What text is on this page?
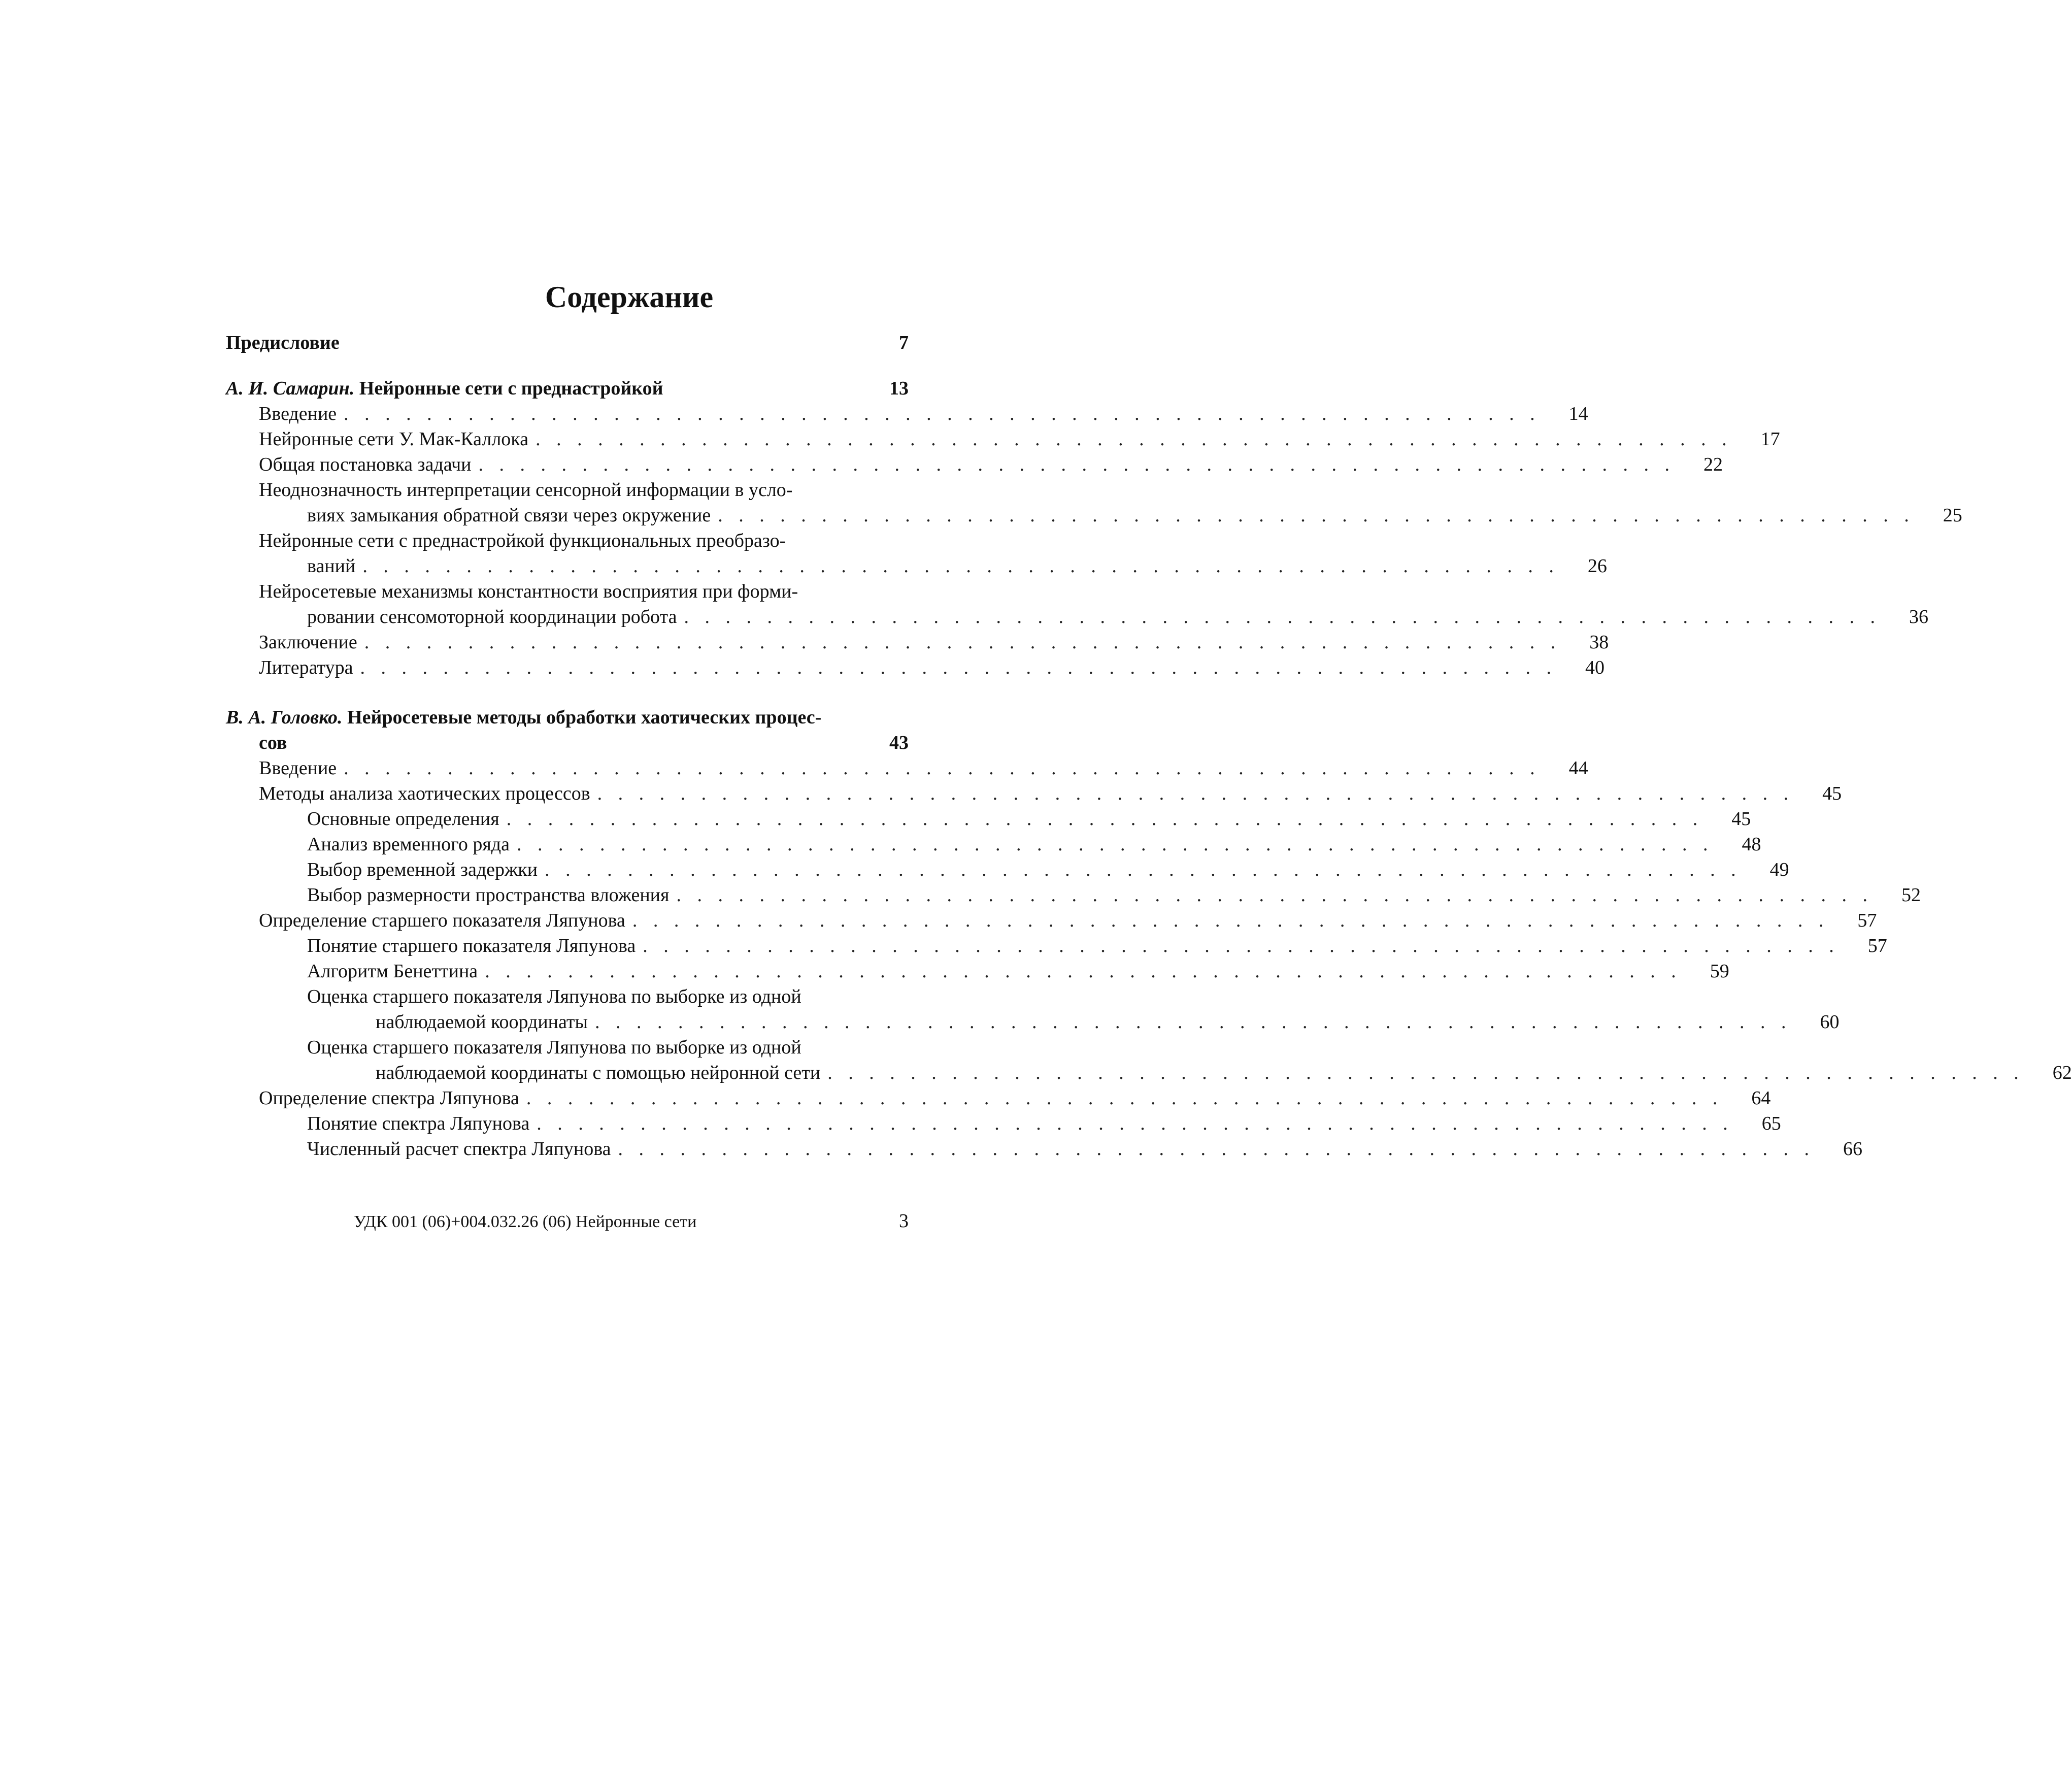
Содержание
Предисловие	7
А. И. Самарин. Нейронные сети с преднастройкой	13
Введение . . . . . . . . . . . . . . . . . . . . . . . . . . . . . . . . . . . . . . . . . . . . . . . . . . . . . . . . . .	14
Нейронные сети У. Мак-Каллока . . . . . . . . . . . . . . . . . . . . . . . . . . . . . . . . . . . . . . . . . . . . . . . . . . . . . . . . . .	17
Общая постановка задачи . . . . . . . . . . . . . . . . . . . . . . . . . . . . . . . . . . . . . . . . . . . . . . . . . . . . . . . . . .	22
Неоднозначность интерпретации сенсорной информации в усло-
виях замыкания обратной связи через окружение . . . . . . . . . . . . . . . . . . . . . . . . . . . . . . . . . . . . . . . . . . . . . . . . . . . . . . . . . .	25
Нейронные сети с преднастройкой функциональных преобразо-
ваний . . . . . . . . . . . . . . . . . . . . . . . . . . . . . . . . . . . . . . . . . . . . . . . . . . . . . . . . . .	26
Нейросетевые механизмы константности восприятия при форми-
ровании сенсомоторной координации робота . . . . . . . . . . . . . . . . . . . . . . . . . . . . . . . . . . . . . . . . . . . . . . . . . . . . . . . . . .	36
Заключение . . . . . . . . . . . . . . . . . . . . . . . . . . . . . . . . . . . . . . . . . . . . . . . . . . . . . . . . . .	38
Литература . . . . . . . . . . . . . . . . . . . . . . . . . . . . . . . . . . . . . . . . . . . . . . . . . . . . . . . . . .	40
В. А. Головко. Нейросетевые методы обработки хаотических процес-
сов	43
Введение . . . . . . . . . . . . . . . . . . . . . . . . . . . . . . . . . . . . . . . . . . . . . . . . . . . . . . . . . .	44
Методы анализа хаотических процессов . . . . . . . . . . . . . . . . . . . . . . . . . . . . . . . . . . . . . . . . . . . . . . . . . . . . . . . . . .	45
Основные определения . . . . . . . . . . . . . . . . . . . . . . . . . . . . . . . . . . . . . . . . . . . . . . . . . . . . . . . . . .	45
Анализ временного ряда . . . . . . . . . . . . . . . . . . . . . . . . . . . . . . . . . . . . . . . . . . . . . . . . . . . . . . . . . .	48
Выбор временной задержки . . . . . . . . . . . . . . . . . . . . . . . . . . . . . . . . . . . . . . . . . . . . . . . . . . . . . . . . . .	49
Выбор размерности пространства вложения . . . . . . . . . . . . . . . . . . . . . . . . . . . . . . . . . . . . . . . . . . . . . . . . . . . . . . . . . .	52
Определение старшего показателя Ляпунова . . . . . . . . . . . . . . . . . . . . . . . . . . . . . . . . . . . . . . . . . . . . . . . . . . . . . . . . . .	57
Понятие старшего показателя Ляпунова . . . . . . . . . . . . . . . . . . . . . . . . . . . . . . . . . . . . . . . . . . . . . . . . . . . . . . . . . .	57
Алгоритм Бенеттина . . . . . . . . . . . . . . . . . . . . . . . . . . . . . . . . . . . . . . . . . . . . . . . . . . . . . . . . . .	59
Оценка старшего показателя Ляпунова по выборке из одной
наблюдаемой координаты . . . . . . . . . . . . . . . . . . . . . . . . . . . . . . . . . . . . . . . . . . . . . . . . . . . . . . . . . .	60
Оценка старшего показателя Ляпунова по выборке из одной
наблюдаемой координаты с помощью нейронной сети . . . . . . . . . . . . . . . . . . . . . . . . . . . . . . . . . . . . . . . . . . . . . . . . . . . . . . . . . .	62
Определение спектра Ляпунова . . . . . . . . . . . . . . . . . . . . . . . . . . . . . . . . . . . . . . . . . . . . . . . . . . . . . . . . . .	64
Понятие спектра Ляпунова . . . . . . . . . . . . . . . . . . . . . . . . . . . . . . . . . . . . . . . . . . . . . . . . . . . . . . . . . .	65
Численный расчет спектра Ляпунова . . . . . . . . . . . . . . . . . . . . . . . . . . . . . . . . . . . . . . . . . . . . . . . . . . . . . . . . . .	66
УДК 001 (06)+004.032.26 (06) Нейронные сети	3
